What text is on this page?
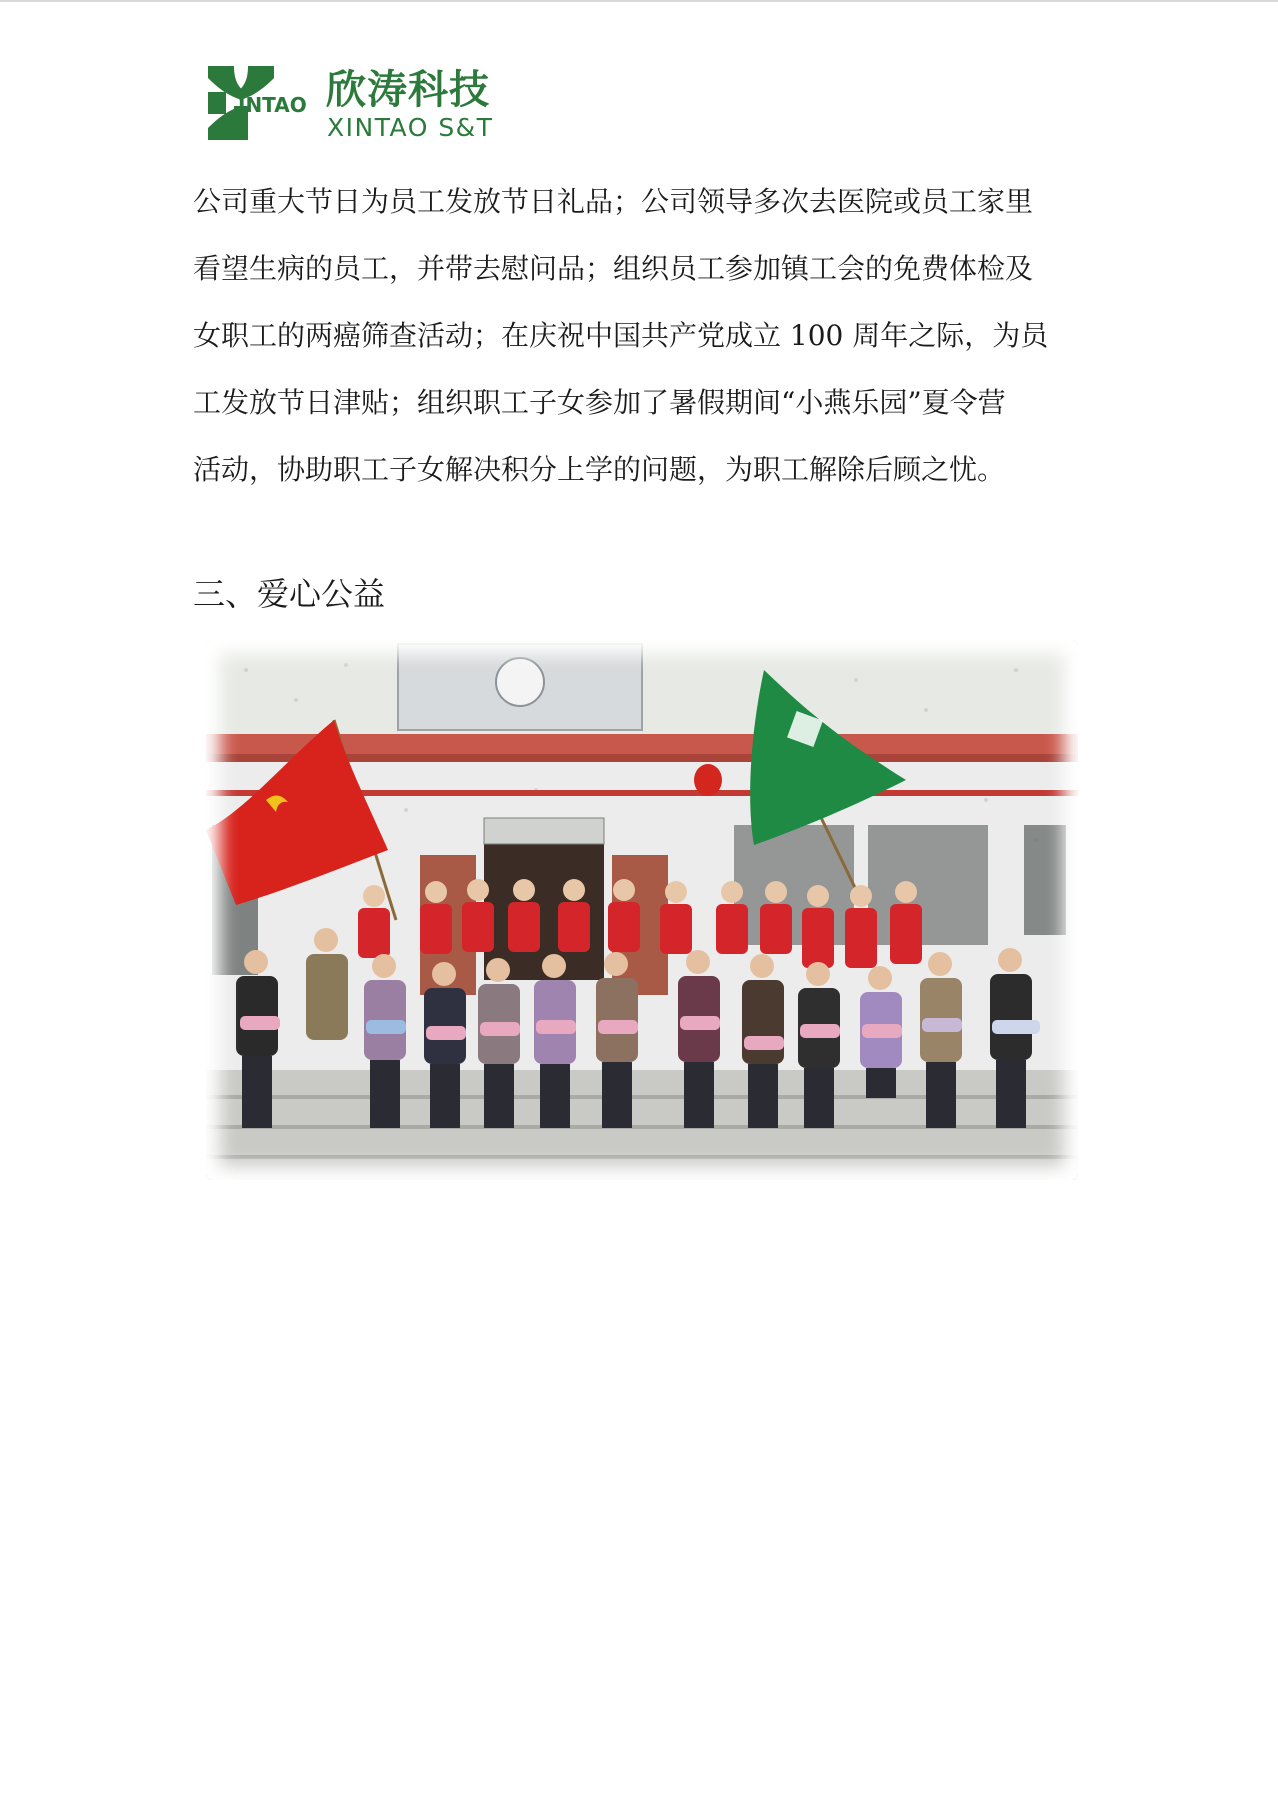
INTAO 欣涛科技
XINTAO S&T

公司重大节日为员工发放节日礼品；公司领导多次去医院或员工家里
看望生病的员工，并带去慰问品；组织员工参加镇工会的免费体检及
女职工的两癌筛查活动；在庆祝中国共产党成立 100 周年之际，为员
工发放节日津贴；组织职工子女参加了暑假期间“小燕乐园”夏令营
活动，协助职工子女解决积分上学的问题，为职工解除后顾之忧。

三、爱心公益
